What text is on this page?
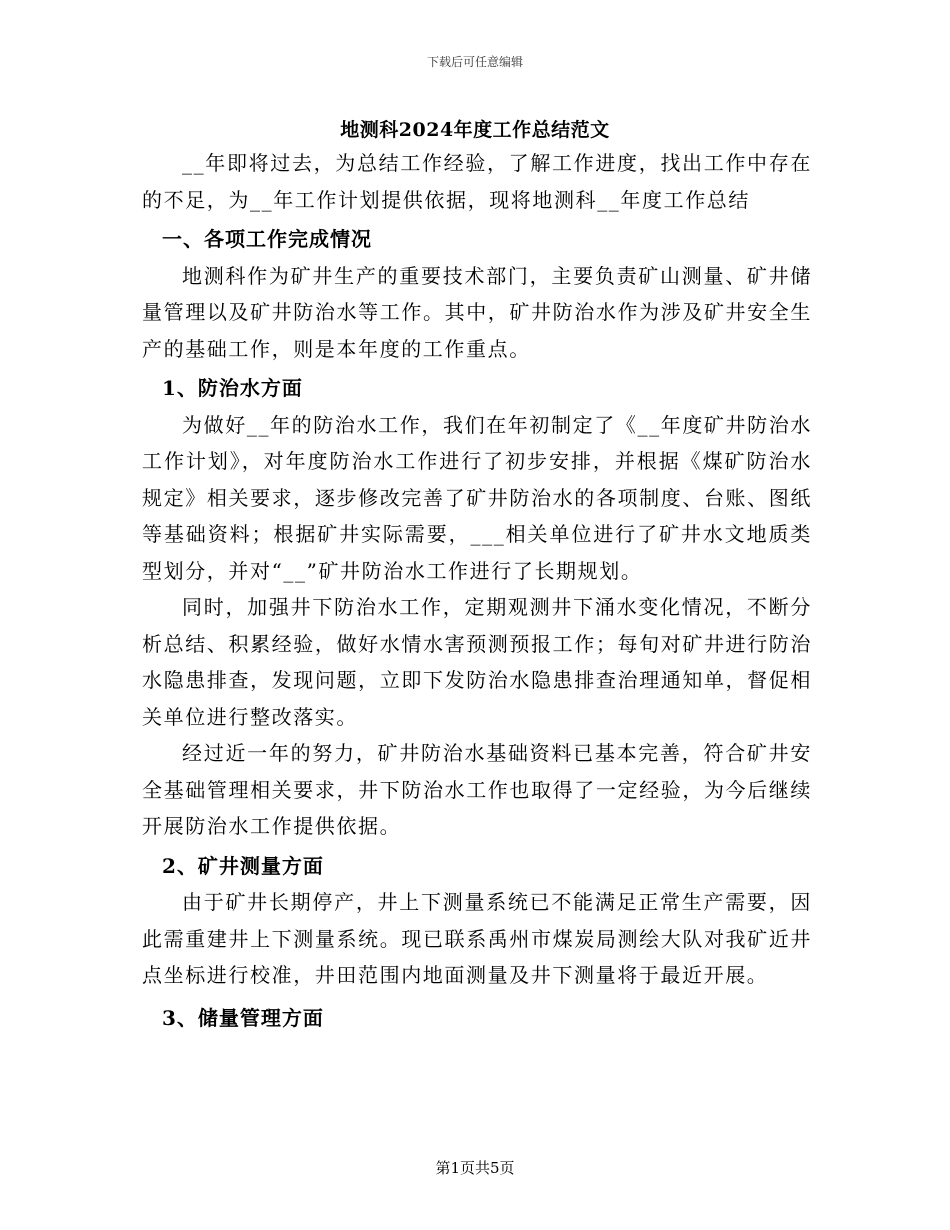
下载后可任意编辑
地测科2024年度工作总结范文

__年即将过去，为总结工作经验，了解工作进度，找出工作中存在的不足，为__年工作计划提供依据，现将地测科__年度工作总结

一、各项工作完成情况

地测科作为矿井生产的重要技术部门，主要负责矿山测量、矿井储量管理以及矿井防治水等工作。其中，矿井防治水作为涉及矿井安全生产的基础工作，则是本年度的工作重点。

1、防治水方面

为做好__年的防治水工作，我们在年初制定了《__年度矿井防治水工作计划》，对年度防治水工作进行了初步安排，并根据《煤矿防治水规定》相关要求，逐步修改完善了矿井防治水的各项制度、台账、图纸等基础资料；根据矿井实际需要，___相关单位进行了矿井水文地质类型划分，并对“__”矿井防治水工作进行了长期规划。

同时，加强井下防治水工作，定期观测井下涌水变化情况，不断分析总结、积累经验，做好水情水害预测预报工作；每旬对矿井进行防治水隐患排查，发现问题，立即下发防治水隐患排查治理通知单，督促相关单位进行整改落实。

经过近一年的努力，矿井防治水基础资料已基本完善，符合矿井安全基础管理相关要求，井下防治水工作也取得了一定经验，为今后继续开展防治水工作提供依据。

2、矿井测量方面

由于矿井长期停产，井上下测量系统已不能满足正常生产需要，因此需重建井上下测量系统。现已联系禹州市煤炭局测绘大队对我矿近井点坐标进行校准，井田范围内地面测量及井下测量将于最近开展。

3、储量管理方面
第1页共5页
